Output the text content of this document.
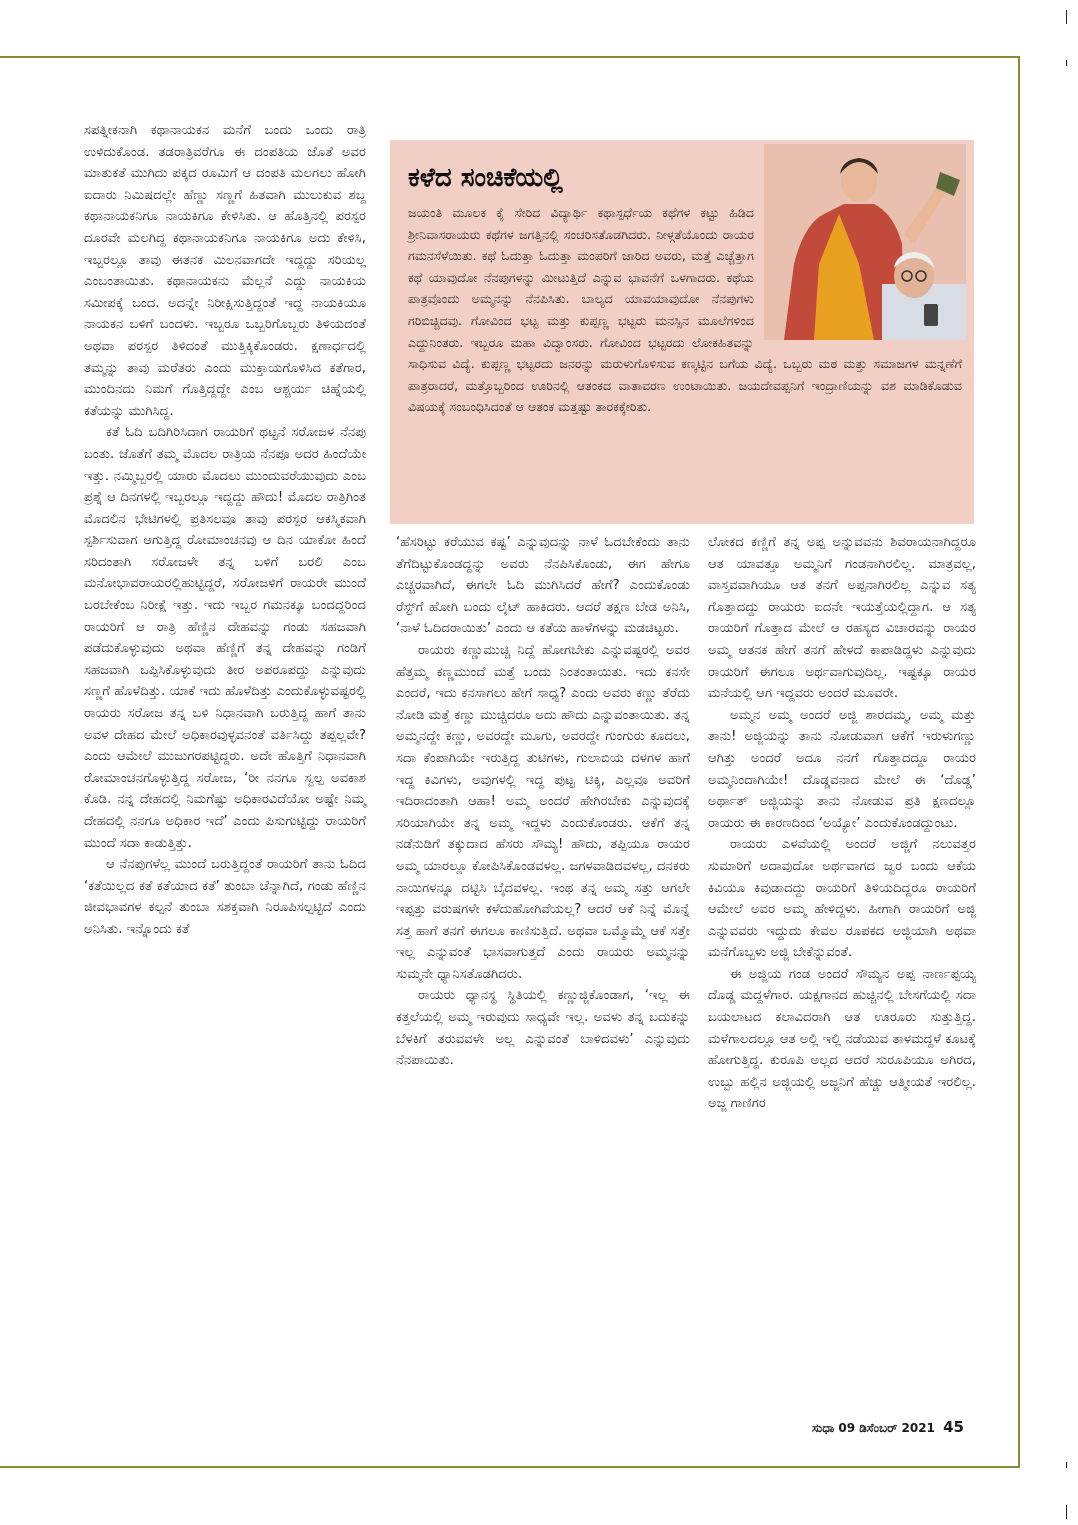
ಸಪತ್ನೀಕನಾಗಿ ಕಥಾನಾಯಕನ ಮನೆಗೆ ಬಂದು ಒಂದು ರಾತ್ರಿ ಉಳಿದುಕೊಂಡ. ತಡರಾತ್ರಿವರೆಗೂ ಈ ದಂಪತಿಯ ಜೊತೆ ಅವರ ಮಾತುಕತೆ ಮುಗಿದು ಪಕ್ಕದ ರೂಮಿಗೆ ಆ ದಂಪತಿ ಮಲಗಲು ಹೋಗಿ ಐದಾರು ನಿಮಿಷದಲ್ಲೇ ಹೆಣ್ಣು ಸಣ್ಣಗೆ ಹಿತವಾಗಿ ಮುಲುಕುವ ಶಬ್ದ ಕಥಾನಾಯಕನಿಗೂ ನಾಯಕಿಗೂ ಕೇಳಿಸಿತು. ಆ ಹೊತ್ತಿನಲ್ಲಿ ಪರಸ್ಪರ ದೂರವೇ ಮಲಗಿದ್ದ ಕಥಾನಾಯಕನಿಗೂ ನಾಯಕಿಗೂ ಅದು ಕೇಳಿಸಿ, ಇಬ್ಬರಲ್ಲೂ ತಾವು ಈತನಕ ಮಿಲನವಾಗದೇ ಇದ್ದದ್ದು ಸರಿಯಲ್ಲ ಎಂಬಂತಾಯಿತು. ಕಥಾನಾಯಕನು ಮೆಲ್ಲನೆ ಎದ್ದು ನಾಯಕಿಯ ಸಮೀಪಕ್ಕೆ ಬಂದ. ಅದನ್ನೇ ನಿರೀಕ್ಷಿಸುತ್ತಿದ್ದಂತೆ ಇದ್ದ ನಾಯಕಿಯೂ ನಾಯಕನ ಬಳಿಗೆ ಬಂದಳು. ಇಬ್ಬರೂ ಒಬ್ಬರಿಗೊಬ್ಬರು ತಿಳಿಯದಂತೆ ಅಥವಾ ಪರಸ್ಪರ ತಿಳಿದಂತೆ ಮುತ್ತಿಕ್ಕಿಕೊಂಡರು. ಕ್ಷಣಾರ್ಧದಲ್ಲಿ ತಮ್ಮನ್ನು ತಾವು ಮರೆತರು ಎಂದು ಮುಕ್ತಾಯಗೊಳಿಸಿದ ಕತೆಗಾರ, ಮುಂದಿನದು ನಿಮಗೆ ಗೊತ್ತಿದ್ದದ್ದೇ ಎಂಬ ಆಶ್ಚರ್ಯ ಚಿಹ್ನೆಯಲ್ಲಿ ಕತೆಯನ್ನು ಮುಗಿಸಿದ್ದ.

ಕತೆ ಓದಿ ಬದಿಗಿರಿಸಿದಾಗ ರಾಯರಿಗೆ ಥಟ್ಟನೆ ಸರೋಜಳ ನೆನಪು ಬಂತು. ಜೊತೆಗೆ ತಮ್ಮ ಮೊದಲ ರಾತ್ರಿಯ ನೆನಪೂ ಅದರ ಹಿಂದೆಯೇ ಇತ್ತು. ನಮ್ಮಿಬ್ಬರಲ್ಲಿ ಯಾರು ಮೊದಲು ಮುಂದುವರೆಯುವುದು ಎಂಬ ಪ್ರಶ್ನೆ ಆ ದಿನಗಳಲ್ಲಿ ಇಬ್ಬರಲ್ಲೂ ಇದ್ದದ್ದು ಹೌದು! ಮೊದಲ ರಾತ್ರಿಗಿಂತ ಮೊದಲಿನ ಭೇಟಿಗಳಲ್ಲಿ ಪ್ರತಿಸಲವೂ ತಾವು ಪರಸ್ಪರ ಆಕಸ್ಮಿಕವಾಗಿ ಸ್ಪರ್ಶಿಸುವಾಗ ಆಗುತ್ತಿದ್ದ ರೋಮಾಂಚನವು ಆ ದಿನ ಯಾಕೋ ಹಿಂದೆ ಸರಿದಂತಾಗಿ ಸರೋಜಳೇ ತನ್ನ ಬಳಿಗೆ ಬರಲಿ ಎಂಬ ಮನೋಭಾವರಾಯರಲ್ಲಿಹುಟ್ಟಿದ್ದರೆ, ಸರೋಜಳಿಗೆ ರಾಯರೇ ಮುಂದೆ ಬರಬೇಕೆಂಬ ನಿರೀಕ್ಷೆ ಇತ್ತು. ಇದು ಇಬ್ಬರ ಗಮನಕ್ಕೂ ಬಂದದ್ದರಿಂದ ರಾಯರಿಗೆ ಆ ರಾತ್ರಿ ಹೆಣ್ಣಿನ ದೇಹವನ್ನು ಗಂಡು ಸಹಜವಾಗಿ ಪಡೆದುಕೊಳ್ಳುವುದು ಅಥವಾ ಹೆಣ್ಣಿಗೆ ತನ್ನ ದೇಹವನ್ನು ಗಂಡಿಗೆ ಸಹಜವಾಗಿ ಒಪ್ಪಿಸಿಕೊಳ್ಳುವುದು ತೀರ ಅಪರೂಪದ್ದು ಎನ್ನುವುದು ಸಣ್ಣಗೆ ಹೊಳೆದಿತ್ತು. ಯಾಕೆ ಇದು ಹೊಳೆದಿತ್ತು ಎಂದುಕೊಳ್ಳುವಷ್ಟರಲ್ಲಿ ರಾಯರು ಸರೋಜ ತನ್ನ ಬಳಿ ನಿಧಾನವಾಗಿ ಬರುತ್ತಿದ್ದ ಹಾಗೆ ತಾನು ಅವಳ ದೇಹದ ಮೇಲೆ ಅಧಿಕಾರವುಳ್ಳವನಂತೆ ವರ್ತಿಸಿದ್ದು ತಪ್ಪಲ್ಲವೇ? ಎಂದು ಆಮೇಲೆ ಮುಜುಗರಪಟ್ಟಿದ್ದರು. ಅದೇ ಹೊತ್ತಿಗೆ ನಿಧಾನವಾಗಿ ರೋಮಾಂಚನಗೊಳ್ಳುತ್ತಿದ್ದ ಸರೋಜ, ‘ರೀ ನನಗೂ ಸ್ವಲ್ಪ ಅವಕಾಶ ಕೊಡಿ. ನನ್ನ ದೇಹದಲ್ಲಿ ನಿಮಗೆಷ್ಟು ಅಧಿಕಾರವಿದೆಯೋ ಅಷ್ಟೇ ನಿಮ್ಮ ದೇಹದಲ್ಲಿ ನನಗೂ ಅಧಿಕಾರ ಇದೆ’ ಎಂದು ಪಿಸುಗುಟ್ಟಿದ್ದು ರಾಯರಿಗೆ ಮುಂದೆ ಸದಾ ಕಾಡುತ್ತಿತ್ತು.

ಆ ನೆನಪುಗಳೆಲ್ಲ ಮುಂದೆ ಬರುತ್ತಿದ್ದಂತೆ ರಾಯರಿಗೆ ತಾನು ಓದಿದ ‘ಕತೆಯಿಲ್ಲದ ಕತೆ ಕತೆಯಾದ ಕತೆ’ ತುಂಬಾ ಚೆನ್ನಾಗಿದೆ, ಗಂಡು ಹೆಣ್ಣಿನ ಜೀವಭಾವಗಳ ಕಲ್ಪನೆ ತುಂಬಾ ಸಶಕ್ತವಾಗಿ ನಿರೂಪಿಸಲ್ಪಟ್ಟಿದೆ ಎಂದು ಅನಿಸಿತು. ಇನ್ನೊಂದು ಕತೆ

ಕಳೆದ ಸಂಚಿಕೆಯಲ್ಲಿ

ಜಯಂತಿ ಮೂಲಕ ಕೈ ಸೇರಿದ ವಿದ್ಯಾರ್ಥಿ ಕಥಾಸ್ಪರ್ಧೆಯ ಕಥೆಗಳ ಕಟ್ಟು ಹಿಡಿದ ಶ್ರೀನಿವಾಸರಾಯರು ಕಥೆಗಳ ಜಗತ್ತಿನಲ್ಲಿ ಸಂಚರಿಸತೊಡಗಿದರು. ನೀಳ್ಗತೆಯೊಂದು ರಾಯರ ಗಮನಸೆಳೆಯಿತು. ಕಥೆ ಓದುತ್ತಾ ಓದುತ್ತಾ ಮಂಪರಿಗೆ ಜಾರಿದ ಅವರು, ಮತ್ತೆ ಎಚ್ಚೆತ್ತಾಗ ಕಥೆ ಯಾವುದೋ ನೆನಪುಗಳನ್ನು ಮೀಟುತ್ತಿದೆ ಎನ್ನುವ ಭಾವನೆಗೆ ಒಳಗಾದರು. ಕಥೆಯ ಪಾತ್ರವೊಂದು ಅಮ್ಮನನ್ನು ನೆನಪಿಸಿತು. ಬಾಲ್ಯದ ಯಾವಯಾವುದೋ ನೆನಪುಗಳು ಗರಿಬಿಚ್ಚಿದವು. ಗೋವಿಂದ ಭಟ್ಟ ಮತ್ತು ಕುಪ್ಪಣ್ಣ ಭಟ್ಟರು ಮನಸ್ಸಿನ ಮೂಲೆಗಳಿಂದ ಎದ್ದುನಿಂತರು. ಇಬ್ಬರೂ ಮಹಾ ವಿದ್ವಾಂಸರು. ಗೋವಿಂದ ಭಟ್ಟರದು ಲೋಕಹಿತವನ್ನು ಸಾಧಿಸುವ ವಿದ್ಯೆ. ಕುಪ್ಪಣ್ಣ ಭಟ್ಟರದು ಜನರನ್ನು ಮರುಳುಗೊಳಿಸುವ ಕಣ್ಕಟ್ಟಿನ ಬಗೆಯ ವಿದ್ಯೆ. ಒಬ್ಬರು ಮಠ ಮತ್ತು ಸಮಾಜಗಳ ಮನ್ನಣೆಗೆ ಪಾತ್ರರಾದರೆ, ಮತ್ತೊಬ್ಬರಿಂದ ಊರಿನಲ್ಲಿ ಆತಂಕದ ವಾತಾವರಣ ಉಂಟಾಯಿತು. ಜಯದೇವಪ್ಪನಿಗೆ ಇಂದ್ರಾಣಿಯನ್ನು ವಶ ಮಾಡಿಕೊಡುವ ವಿಷಯಕ್ಕೆ ಸಂಬಂಧಿಸಿದಂತೆ ಆ ಆತಂಕ ಮತ್ತಷ್ಟು ತಾರಕಕ್ಕೇರಿತು.

‘ಹೆಸರಿಟ್ಟು ಕರೆಯುವ ಕಷ್ಟ’ ಎನ್ನುವುದನ್ನು ನಾಳೆ ಓದಬೇಕೆಂದು ತಾನು ತೆಗೆದಿಟ್ಟುಕೊಂಡದ್ದನ್ನು ಅವರು ನೆನಪಿಸಿಕೊಂಡು, ಈಗ ಹೇಗೂ ಎಚ್ಚರವಾಗಿದೆ, ಈಗಲೇ ಓದಿ ಮುಗಿಸಿದರೆ ಹೇಗೆ? ಎಂದುಕೊಂಡು ರೆಸ್ಟ್‌ಗೆ ಹೋಗಿ ಬಂದು ಲೈಟ್ ಹಾಕಿದರು. ಆದರೆ ತಕ್ಷಣ ಬೇಡ ಅನಿಸಿ, ‘ನಾಳೆ ಓದಿದರಾಯಿತು’ ಎಂದು ಆ ಕತೆಯ ಹಾಳೆಗಳನ್ನು ಮಡಚಿಟ್ಟರು.

ರಾಯರು ಕಣ್ಣುಮುಚ್ಚಿ ನಿದ್ದೆ ಹೋಗಬೇಕು ಎನ್ನುವಷ್ಟರಲ್ಲಿ ಅವರ ಹೆತ್ತಮ್ಮ ಕಣ್ಣಮುಂದೆ ಮತ್ತೆ ಬಂದು ನಿಂತಂತಾಯಿತು. ಇದು ಕನಸೇ ಎಂದರೆ, ಇದು ಕನಸಾಗಲು ಹೇಗೆ ಸಾಧ್ಯ? ಎಂದು ಅವರು ಕಣ್ಣು ತೆರೆದು ನೋಡಿ ಮತ್ತೆ ಕಣ್ಣು ಮುಚ್ಚಿದರೂ ಅದು ಹೌದು ಎನ್ನುವಂತಾಯಿತು. ತನ್ನ ಅಮ್ಮನದ್ದೇ ಕಣ್ಣು, ಅವರದ್ದೇ ಮೂಗು, ಅವರದ್ದೇ ಗುಂಗುರು ಕೂದಲು, ಸದಾ ಕೆಂಪಾಗಿಯೇ ಇರುತ್ತಿದ್ದ ತುಟಿಗಳು, ಗುಲಾಬಿಯ ದಳಗಳ ಹಾಗೆ ಇದ್ದ ಕಿವಿಗಳು, ಅವುಗಳಲ್ಲಿ ಇದ್ದ ಪುಟ್ಟ ಟಿಕ್ಕಿ, ಎಲ್ಲವೂ ಅವರಿಗೆ ಇದಿರಾದಂತಾಗಿ ಆಹಾ! ಅಮ್ಮ ಅಂದರೆ ಹೇಗಿರಬೇಕು ಎನ್ನುವುದಕ್ಕೆ ಸರಿಯಾಗಿಯೇ ತನ್ನ ಅಮ್ಮ ಇದ್ದಳು ಎಂದುಕೊಂಡರು. ಆಕೆಗೆ ತನ್ನ ನಡೆನುಡಿಗೆ ತಕ್ಕುದಾದ ಹೆಸರು ಸೌಮ್ಯ! ಹೌದು, ತಪ್ಪಿಯೂ ರಾಯರ ಅಮ್ಮ ಯಾರಲ್ಲೂ ಕೋಪಿಸಿಕೊಂಡವಳಲ್ಲ. ಜಗಳವಾಡಿದವಳಲ್ಲ, ದನಕರು ನಾಯಿಗಳನ್ನೂ ದಟ್ಟಿಸಿ ಬೈದವಳಲ್ಲ. ಇಂಥ ತನ್ನ ಅಮ್ಮ ಸತ್ತು ಆಗಲೇ ಇಪ್ಪತ್ತು ವರುಷಗಳೇ ಕಳೆದುಹೋಗಿವೆಯಲ್ಲ? ಆದರೆ ಆಕೆ ನಿನ್ನೆ ಮೊನ್ನೆ ಸತ್ತ ಹಾಗೆ ತನಗೆ ಈಗಲೂ ಕಾಣಿಸುತ್ತಿದೆ. ಅಥವಾ ಒಮ್ಮೊಮ್ಮೆ ಆಕೆ ಸತ್ತೇ ಇಲ್ಲ ಎನ್ನುವಂತೆ ಭಾಸವಾಗುತ್ತದೆ ಎಂದು ರಾಯರು ಅಮ್ಮನನ್ನು ಸುಮ್ಮನೇ ಧ್ಯಾನಿಸತೊಡಗಿದರು.

ರಾಯರು ಧ್ಯಾನಸ್ಥ ಸ್ಥಿತಿಯಲ್ಲಿ ಕಣ್ಣುಜ್ಜಿಕೊಂಡಾಗ, ‘ಇಲ್ಲ ಈ ಕತ್ತಲೆಯಲ್ಲಿ ಅಮ್ಮ ಇರುವುದು ಸಾಧ್ಯವೇ ಇಲ್ಲ. ಅವಳು ತನ್ನ ಬದುಕನ್ನು ಬೆಳಕಿಗೆ ತರುವವಳೇ ಅಲ್ಲ ಎನ್ನುವಂತೆ ಬಾಳಿದವಳು’ ಎನ್ನುವುದು ನೆನಪಾಯಿತು.

ಲೋಕದ ಕಣ್ಣಿಗೆ ತನ್ನ ಅಪ್ಪ ಅನ್ನುವವನು ಶಿವರಾಯನಾಗಿದ್ದರೂ ಆತ ಯಾವತ್ತೂ ಅಮ್ಮನಿಗೆ ಗಂಡನಾಗಿರಲಿಲ್ಲ. ಮಾತ್ರವಲ್ಲ, ವಾಸ್ತವವಾಗಿಯೂ ಆತ ತನಗೆ ಅಪ್ಪನಾಗಿರಲಿಲ್ಲ ಎನ್ನುವ ಸತ್ಯ ಗೊತ್ತಾದದ್ದು ರಾಯರು ಐದನೇ ಇಯತ್ತೆಯಲ್ಲಿದ್ದಾಗ. ಆ ಸತ್ಯ ರಾಯರಿಗೆ ಗೊತ್ತಾದ ಮೇಲೆ ಆ ರಹಸ್ಯದ ವಿಚಾರವನ್ನು ರಾಯರ ಅಮ್ಮ ಆತನಕ ಹೇಗೆ ತನಗೆ ಹೇಳದೆ ಕಾಪಾಡಿದ್ದಳು ಎನ್ನುವುದು ರಾಯರಿಗೆ ಈಗಲೂ ಅರ್ಥವಾಗುವುದಿಲ್ಲ. ಇಷ್ಟಕ್ಕೂ ರಾಯರ ಮನೆಯಲ್ಲಿ ಆಗ ಇದ್ದವರು ಅಂದರೆ ಮೂವರೇ.

ಅಮ್ಮನ ಅಮ್ಮ ಅಂದರೆ ಅಜ್ಜಿ ಶಾರದಮ್ಮ, ಅಮ್ಮ ಮತ್ತು ತಾನು! ಅಜ್ಜಿಯನ್ನು ತಾನು ನೋಡುವಾಗ ಆಕೆಗೆ ಇರುಳುಗಣ್ಣು ಆಗಿತ್ತು ಅಂದರೆ ಅದೂ ನನಗೆ ಗೊತ್ತಾದದ್ದೂ ರಾಯರ ಅಮ್ಮನಿಂದಾಗಿಯೇ! ದೊಡ್ಡವನಾದ ಮೇಲೆ ಈ ‘ದೊಡ್ಡ’ ಅರ್ಥಾತ್ ಅಜ್ಜಿಯನ್ನು ತಾನು ನೋಡುವ ಪ್ರತಿ ಕ್ಷಣದಲ್ಲೂ ರಾಯರು ಈ ಕಾರಣದಿಂದ ‘ಅಯ್ಯೋ’ ಎಂದುಕೊಂಡದ್ದುಂಟು.

ರಾಯರು ಎಳವೆಯಲ್ಲಿ ಅಂದರೆ ಅಜ್ಜಿಗೆ ನಲುವತ್ತರ ಸುಮಾರಿಗೆ ಅದಾವುದೋ ಅರ್ಥವಾಗದ ಜ್ವರ ಬಂದು ಆಕೆಯ ಕಿವಿಯೂ ಕಿವುಡಾದದ್ದು ರಾಯರಿಗೆ ತಿಳಿಯದಿದ್ದರೂ ರಾಯರಿಗೆ ಆಮೇಲೆ ಅವರ ಅಮ್ಮ ಹೇಳಿದ್ದಳು. ಹೀಗಾಗಿ ರಾಯರಿಗೆ ಅಜ್ಜಿ ಎನ್ನುವವರು ಇದ್ದುದು ಕೇವಲ ರೂಪಕದ ಅಜ್ಜಿಯಾಗಿ ಅಥವಾ ಮನೆಗೊಬ್ಬಳು ಅಜ್ಜಿ ಬೇಕೆನ್ನುವಂತೆ.

ಈ ಅಜ್ಜಿಯ ಗಂಡ ಅಂದರೆ ಸೌಮ್ಯನ ಅಪ್ಪ ನಾರ್ಣಪ್ಪಯ್ಯ ದೊಡ್ಡ ಮದ್ದಳೆಗಾರ. ಯಕ್ಷಗಾನದ ಹುಚ್ಚಿನಲ್ಲಿ ಬೇಸಗೆಯಲ್ಲಿ ಸದಾ ಬಯಲಾಟದ ಕಲಾವಿದರಾಗಿ ಆತ ಊರೂರು ಸುತ್ತುತ್ತಿದ್ದ. ಮಳೆಗಾಲದಲ್ಲೂ ಆತ ಅಲ್ಲಿ ಇಲ್ಲಿ ನಡೆಯುವ ತಾಳಮದ್ದಳೆ ಕೂಟಕ್ಕೆ ಹೋಗುತ್ತಿದ್ದ. ಕುರೂಪಿ ಅಲ್ಲದ ಆದರೆ ಸುರೂಪಿಯೂ ಅಗಿರದ, ಉಬ್ಬು ಹಲ್ಲಿನ ಅಜ್ಜಿಯಲ್ಲಿ ಅಜ್ಜನಿಗೆ ಹೆಚ್ಚು ಆತ್ಮೀಯತೆ ಇರಲಿಲ್ಲ. ಅಜ್ಜ ಗಾಣಿಗರ

ಸುಧಾ 09 ಡಿಸೆಂಬರ್ 2021 45
